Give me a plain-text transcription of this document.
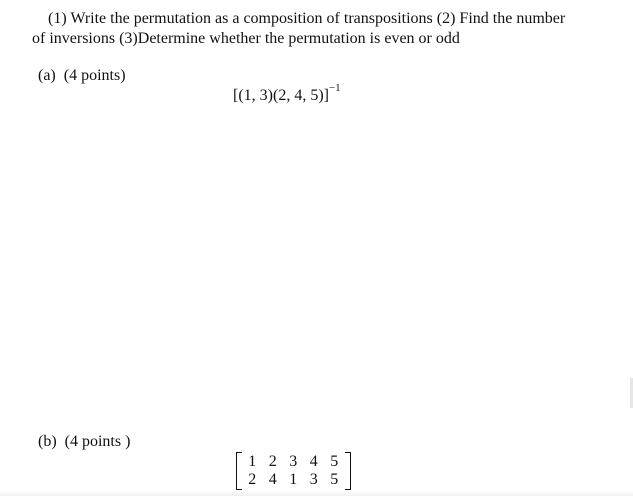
(1) Write the permutation as a composition of transpositions (2) Find the number
of inversions (3)Determine whether the permutation is even or odd
(a)  (4 points)
[(1, 3)(2, 4, 5)]$^{-1}$
(b)  (4 points )
1 2 3 4 5
2 4 1 3 5
